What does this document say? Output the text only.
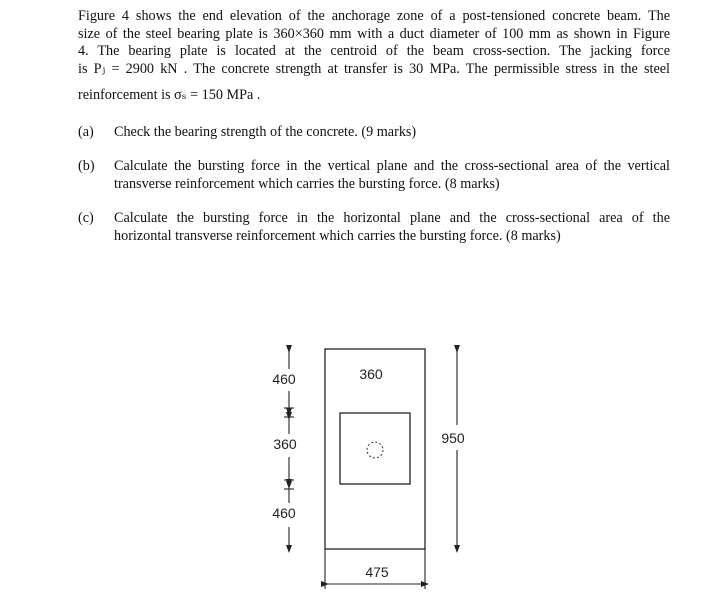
Figure 4 shows the end elevation of the anchorage zone of a post-tensioned concrete beam. The
size of the steel bearing plate is 360×360 mm with a duct diameter of 100 mm as shown in Figure
4. The bearing plate is located at the centroid of the beam cross-section. The jacking force
is Pⱼ = 2900 kN . The concrete strength at transfer is 30 MPa. The permissible stress in the steel
reinforcement is σₛ = 150 MPa .
(a) Check the bearing strength of the concrete. (9 marks)
(b) Calculate the bursting force in the vertical plane and the cross-sectional area of the vertical
transverse reinforcement which carries the bursting force. (8 marks)
(c) Calculate the bursting force in the horizontal plane and the cross-sectional area of the
horizontal transverse reinforcement which carries the bursting force. (8 marks)
460
360
460
360
950
475
